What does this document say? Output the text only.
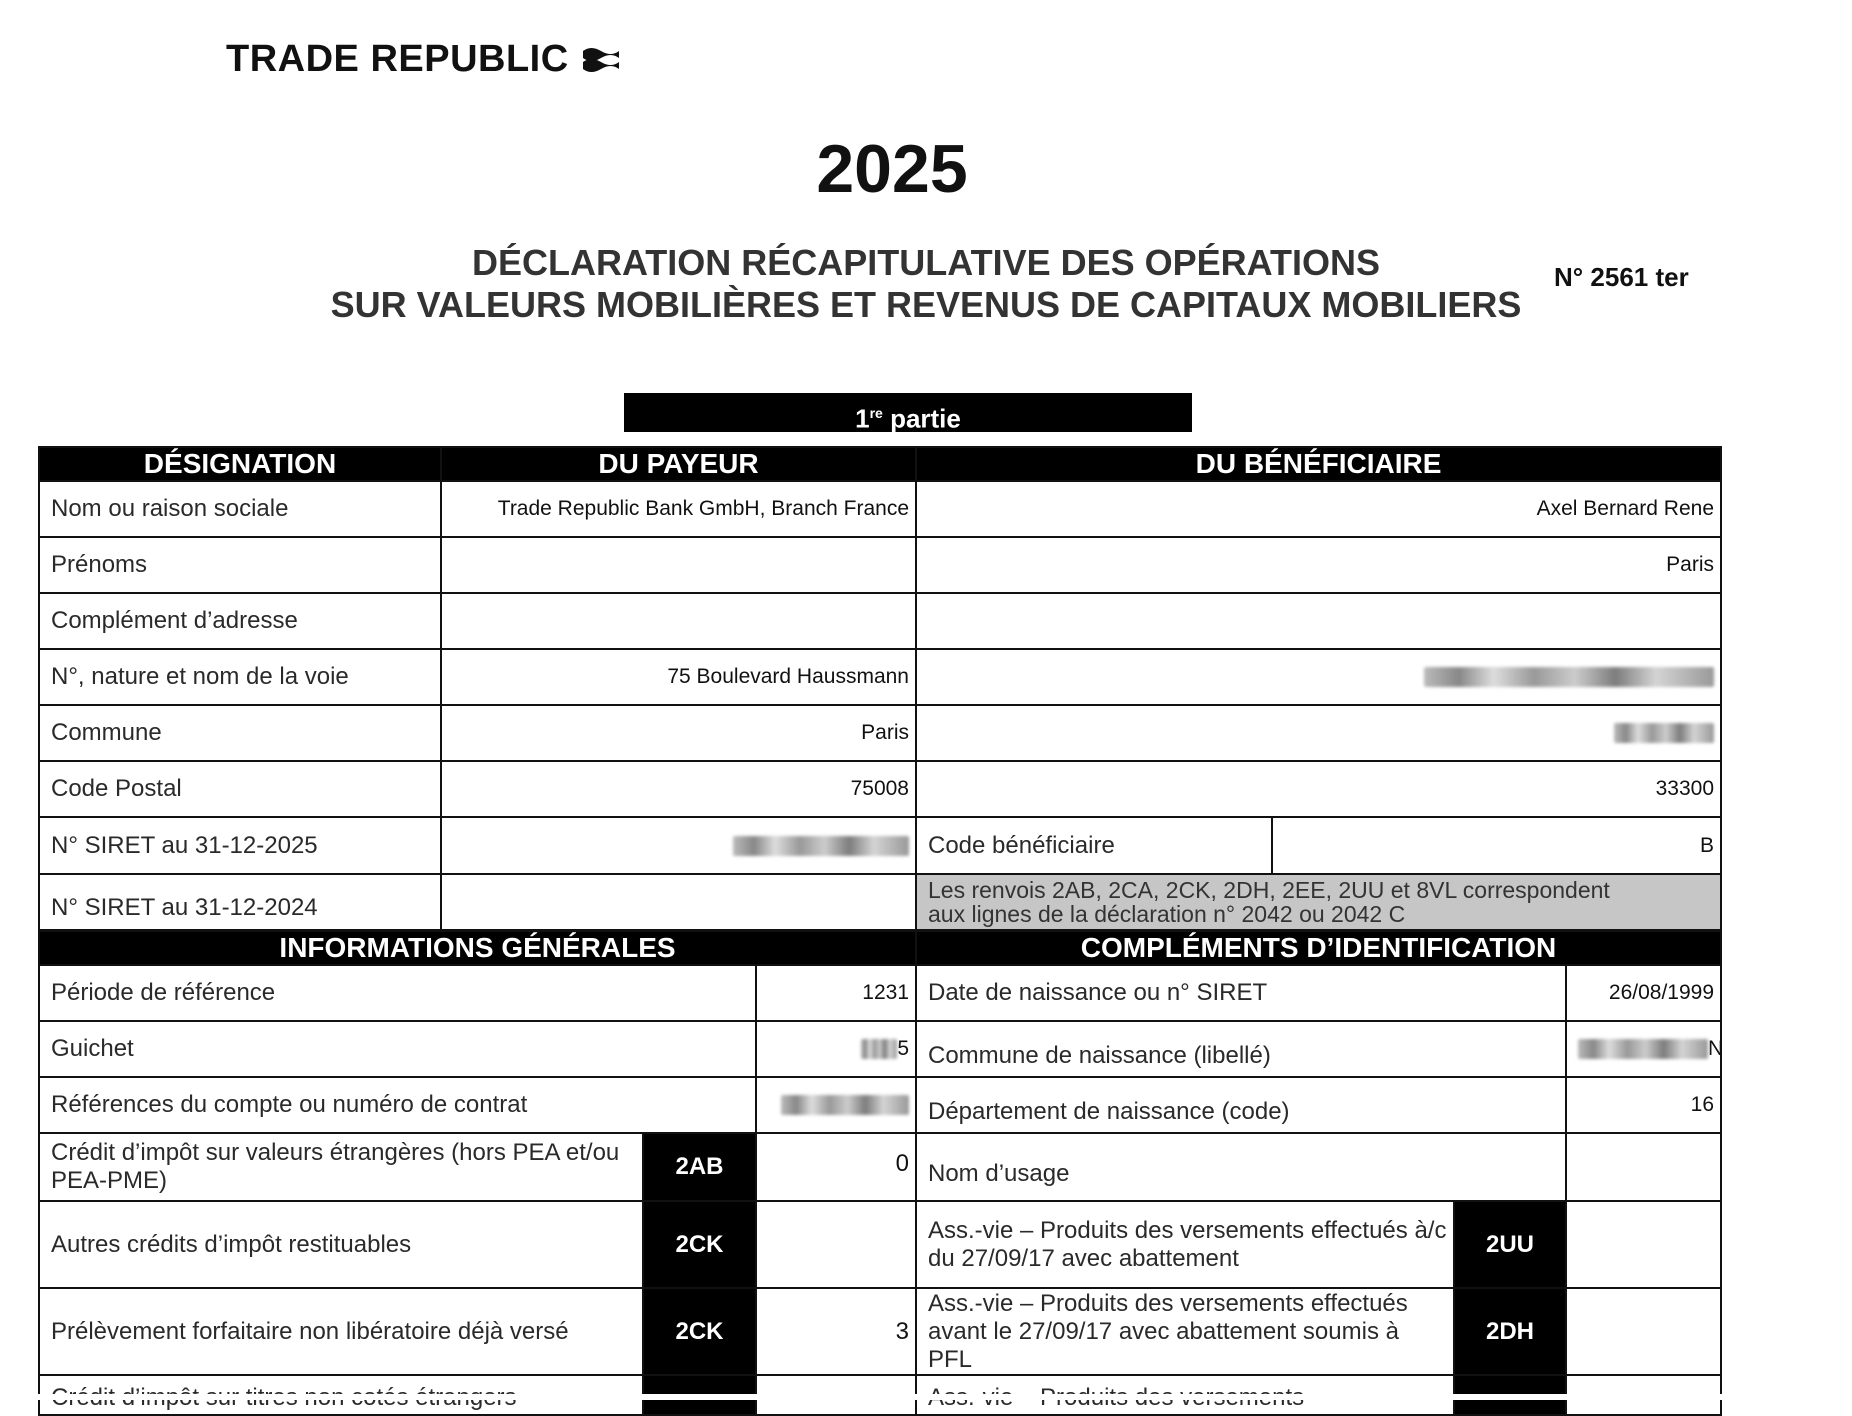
TRADE REPUBLIC
2025
DÉCLARATION RÉCAPITULATIVE DES OPÉRATIONS
SUR VALEURS MOBILIÈRES ET REVENUS DE CAPITAUX MOBILIERS
N° 2561 ter
1re partie
DÉSIGNATION	DU PAYEUR	DU BÉNÉFICIAIRE	
Nom ou raison sociale	Trade Republic Bank GmbH, Branch France	Axel Bernard Rene	
Prénoms		Paris	
Complément d’adresse			
N°, nature et nom de la voie	75 Boulevard Haussmann		
Commune	Paris		
Code Postal	75008	33300	
N° SIRET au 31-12-2025		Code bénéficiaire	B
N° SIRET au 31-12-2024		Les renvois 2AB, 2CA, 2CK, 2DH, 2EE, 2UU et 8VL correspondent
aux lignes de la déclaration n° 2042 ou 2042 C	
INFORMATIONS GÉNÉRALES			COMPLÉMENTS D’IDENTIFICATION		
Période de référence		1231	Date de naissance ou n° SIRET		26/08/1999
Guichet		5	Commune de naissance (libellé)		N
Références du compte ou numéro de contrat			Département de naissance (code)		16
Crédit d’impôt sur valeurs étrangères (hors PEA et/ou PEA-PME)	2AB	0	Nom d’usage		
Autres crédits d’impôt restituables	2CK		Ass.-vie – Produits des versements effectués à/c du 27/09/17 avec abattement	2UU	
Prélèvement forfaitaire non libératoire déjà versé	2CK	3	Ass.-vie – Produits des versements effectués avant le 27/09/17 avec abattement soumis à PFL	2DH	
